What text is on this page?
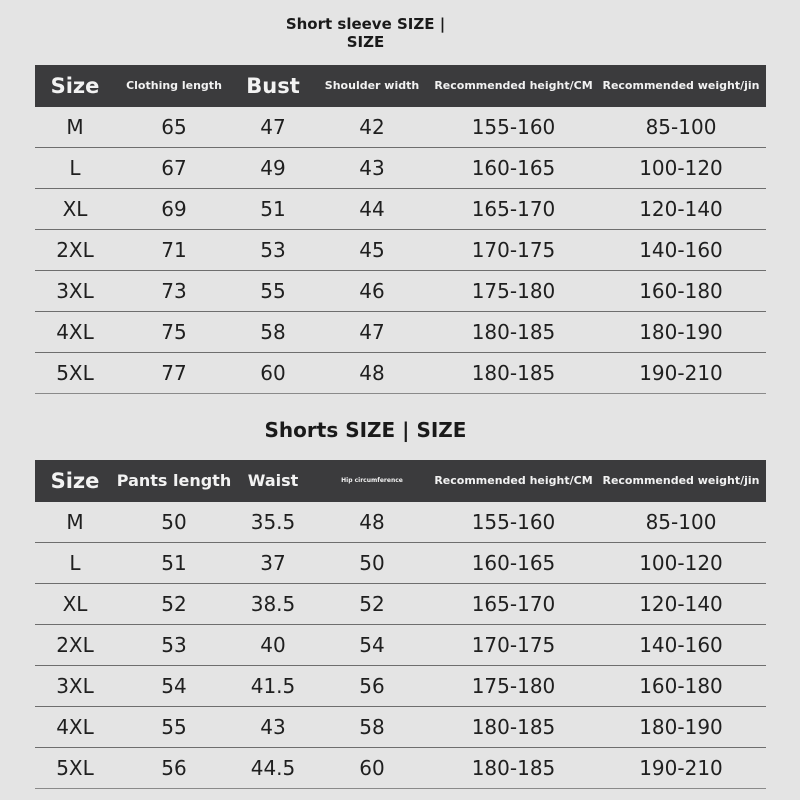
Short sleeve SIZE |
SIZE
Size	Clothing length	Bust	Shoulder width	Recommended height/CM	Recommended weight/jin
M	65	47	42	155-160	85-100
L	67	49	43	160-165	100-120
XL	69	51	44	165-170	120-140
2XL	71	53	45	170-175	140-160
3XL	73	55	46	175-180	160-180
4XL	75	58	47	180-185	180-190
5XL	77	60	48	180-185	190-210
Shorts SIZE | SIZE
Size	Pants length	Waist	Hip circumference	Recommended height/CM	Recommended weight/jin
M	50	35.5	48	155-160	85-100
L	51	37	50	160-165	100-120
XL	52	38.5	52	165-170	120-140
2XL	53	40	54	170-175	140-160
3XL	54	41.5	56	175-180	160-180
4XL	55	43	58	180-185	180-190
5XL	56	44.5	60	180-185	190-210
